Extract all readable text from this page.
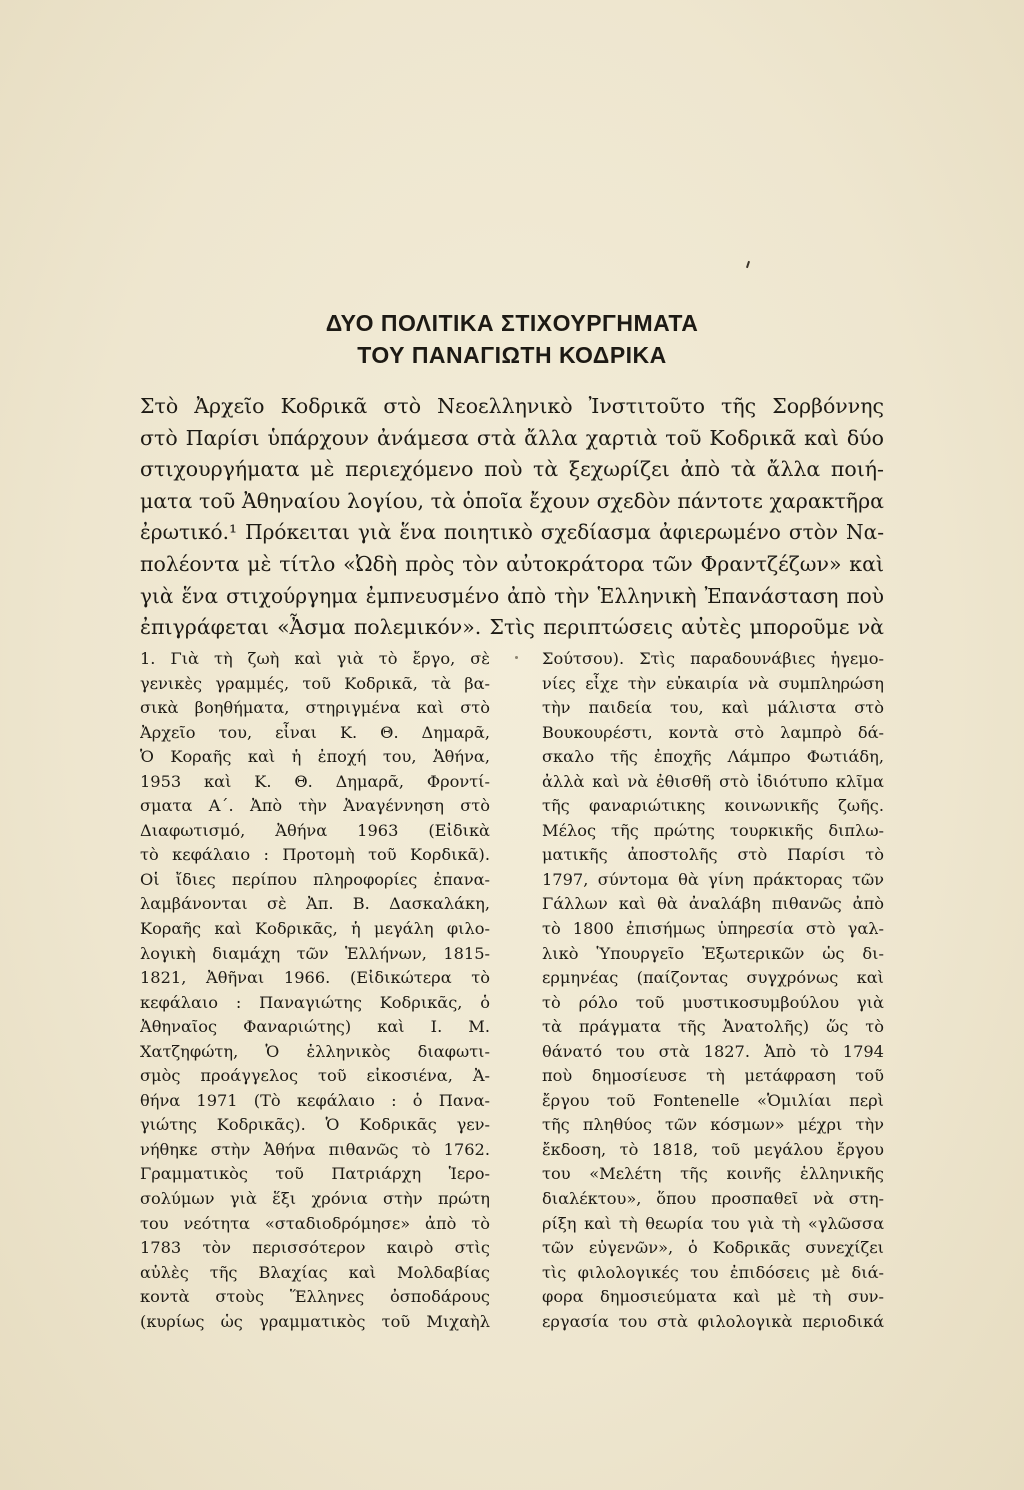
ΔΥΟ ΠΟΛΙΤΙΚΑ ΣΤΙΧΟΥΡΓΗΜΑΤΑ
ΤΟΥ ΠΑΝΑΓΙΩΤΗ ΚΟΔΡΙΚΑ
Στὸ Ἀρχεῖο Κοδρικᾶ στὸ Νεοελληνικὸ Ἰνστιτοῦτο τῆς Σορβόννης
στὸ Παρίσι ὑπάρχουν ἀνάμεσα στὰ ἄλλα χαρτιὰ τοῦ Κοδρικᾶ καὶ δύο
στιχουργήματα μὲ περιεχόμενο ποὺ τὰ ξεχωρίζει ἀπὸ τὰ ἄλλα ποιή-
ματα τοῦ Ἀθηναίου λογίου, τὰ ὁποῖα ἔχουν σχεδὸν πάντοτε χαρακτῆρα
ἐρωτικό.¹ Πρόκειται γιὰ ἕνα ποιητικὸ σχεδίασμα ἀφιερωμένο στὸν Να-
πολέοντα μὲ τίτλο «Ὠδὴ πρὸς τὸν αὐτοκράτορα τῶν Φραντζέζων» καὶ
γιὰ ἕνα στιχούργημα ἐμπνευσμένο ἀπὸ τὴν Ἑλληνικὴ Ἐπανάσταση ποὺ
ἐπιγράφεται «Ἆσμα πολεμικόν». Στὶς περιπτώσεις αὐτὲς μποροῦμε νὰ
1. Γιὰ τὴ ζωὴ καὶ γιὰ τὸ ἔργο, σὲ
γενικὲς γραμμές, τοῦ Κοδρικᾶ, τὰ βα-
σικὰ βοηθήματα, στηριγμένα καὶ στὸ
Ἀρχεῖο του, εἶναι Κ. Θ. Δημαρᾶ,
Ὁ Κοραῆς καὶ ἡ ἐποχή του, Ἀθήνα,
1953 καὶ Κ. Θ. Δημαρᾶ, Φροντί-
σματα Α΄. Ἀπὸ τὴν Ἀναγέννηση στὸ
Διαφωτισμό, Ἀθήνα 1963 (Εἰδικὰ
τὸ κεφάλαιο : Προτομὴ τοῦ Κορδικᾶ).
Οἱ ἴδιες περίπου πληροφορίες ἐπανα-
λαμβάνονται σὲ Ἀπ. Β. Δασκαλάκη,
Κοραῆς καὶ Κοδρικᾶς, ἡ μεγάλη φιλο-
λογικὴ διαμάχη τῶν Ἑλλήνων, 1815-
1821, Ἀθῆναι 1966. (Εἰδικώτερα τὸ
κεφάλαιο : Παναγιώτης Κοδρικᾶς, ὁ
Ἀθηναῖος Φαναριώτης) καὶ Ι. Μ.
Χατζηφώτη, Ὁ ἑλληνικὸς διαφωτι-
σμὸς προάγγελος τοῦ εἰκοσιένα, Ἀ-
θήνα 1971 (Τὸ κεφάλαιο : ὁ Πανα-
γιώτης Κοδρικᾶς). Ὁ Κοδρικᾶς γεν-
νήθηκε στὴν Ἀθήνα πιθανῶς τὸ 1762.
Γραμματικὸς τοῦ Πατριάρχη Ἱερο-
σολύμων γιὰ ἕξι χρόνια στὴν πρώτη
του νεότητα «σταδιοδρόμησε» ἀπὸ τὸ
1783 τὸν περισσότερον καιρὸ στὶς
αὐλὲς τῆς Βλαχίας καὶ Μολδαβίας
κοντὰ στοὺς Ἕλληνες ὀσποδάρους
(κυρίως ὡς γραμματικὸς τοῦ Μιχαὴλ
Σούτσου). Στὶς παραδουνάβιες ἡγεμο-
νίες εἶχε τὴν εὐκαιρία νὰ συμπληρώση
τὴν παιδεία του, καὶ μάλιστα στὸ
Βουκουρέστι, κοντὰ στὸ λαμπρὸ δά-
σκαλο τῆς ἐποχῆς Λάμπρο Φωτιάδη,
ἀλλὰ καὶ νὰ ἐθισθῆ στὸ ἰδιότυπο κλῖμα
τῆς φαναριώτικης κοινωνικῆς ζωῆς.
Μέλος τῆς πρώτης τουρκικῆς διπλω-
ματικῆς ἀποστολῆς στὸ Παρίσι τὸ
1797, σύντομα θὰ γίνη πράκτορας τῶν
Γάλλων καὶ θὰ ἀναλάβη πιθανῶς ἀπὸ
τὸ 1800 ἐπισήμως ὑπηρεσία στὸ γαλ-
λικὸ Ὑπουργεῖο Ἐξωτερικῶν ὡς δι-
ερμηνέας (παίζοντας συγχρόνως καὶ
τὸ ρόλο τοῦ μυστικοσυμβούλου γιὰ
τὰ πράγματα τῆς Ἀνατολῆς) ὥς τὸ
θάνατό του στὰ 1827. Ἀπὸ τὸ 1794
ποὺ δημοσίευσε τὴ μετάφραση τοῦ
ἔργου τοῦ Fontenelle «Ὁμιλίαι περὶ
τῆς πληθύος τῶν κόσμων» μέχρι τὴν
ἔκδοση, τὸ 1818, τοῦ μεγάλου ἔργου
του «Μελέτη τῆς κοινῆς ἑλληνικῆς
διαλέκτου», ὅπου προσπαθεῖ νὰ στη-
ρίξη καὶ τὴ θεωρία του γιὰ τὴ «γλῶσσα
τῶν εὐγενῶν», ὁ Κοδρικᾶς συνεχίζει
τὶς φιλολογικές του ἐπιδόσεις μὲ διά-
φορα δημοσιεύματα καὶ μὲ τὴ συν-
εργασία του στὰ φιλολογικὰ περιοδικά
